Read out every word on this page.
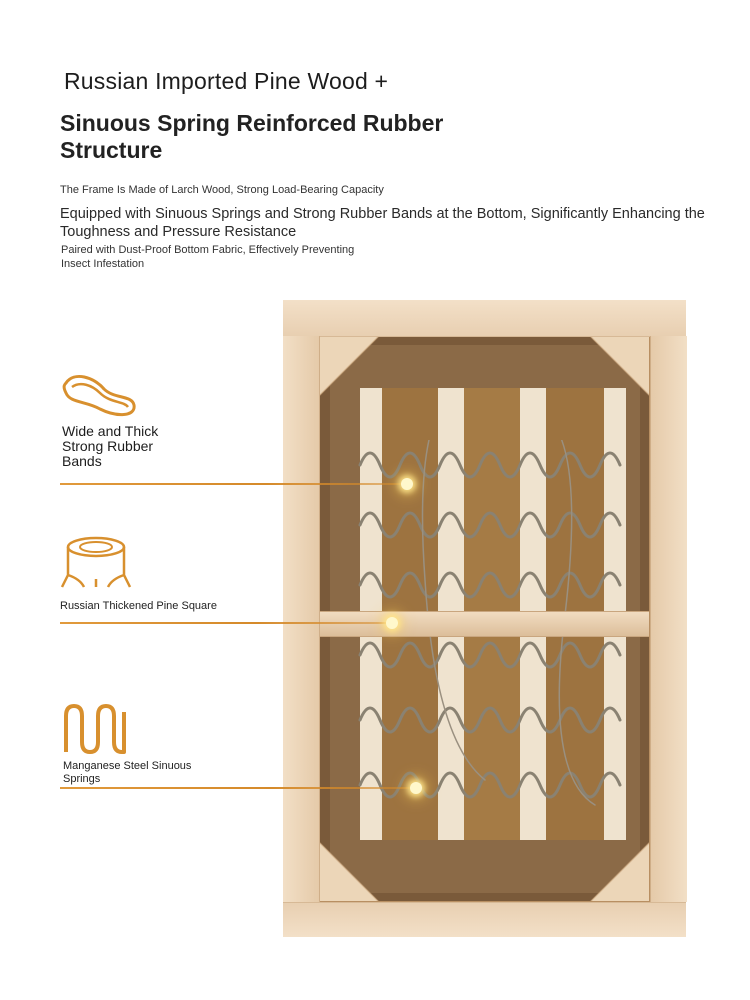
Russian Imported Pine Wood +
Sinuous Spring Reinforced Rubber Structure
The Frame Is Made of Larch Wood, Strong Load-Bearing Capacity
Equipped with Sinuous Springs and Strong Rubber Bands at the Bottom, Significantly Enhancing the
Toughness and Pressure Resistance
Paired with Dust-Proof Bottom Fabric, Effectively Preventing Insect Infestation
Wide and Thick Strong Rubber Bands
Russian Thickened Pine Square
Manganese Steel Sinuous Springs
